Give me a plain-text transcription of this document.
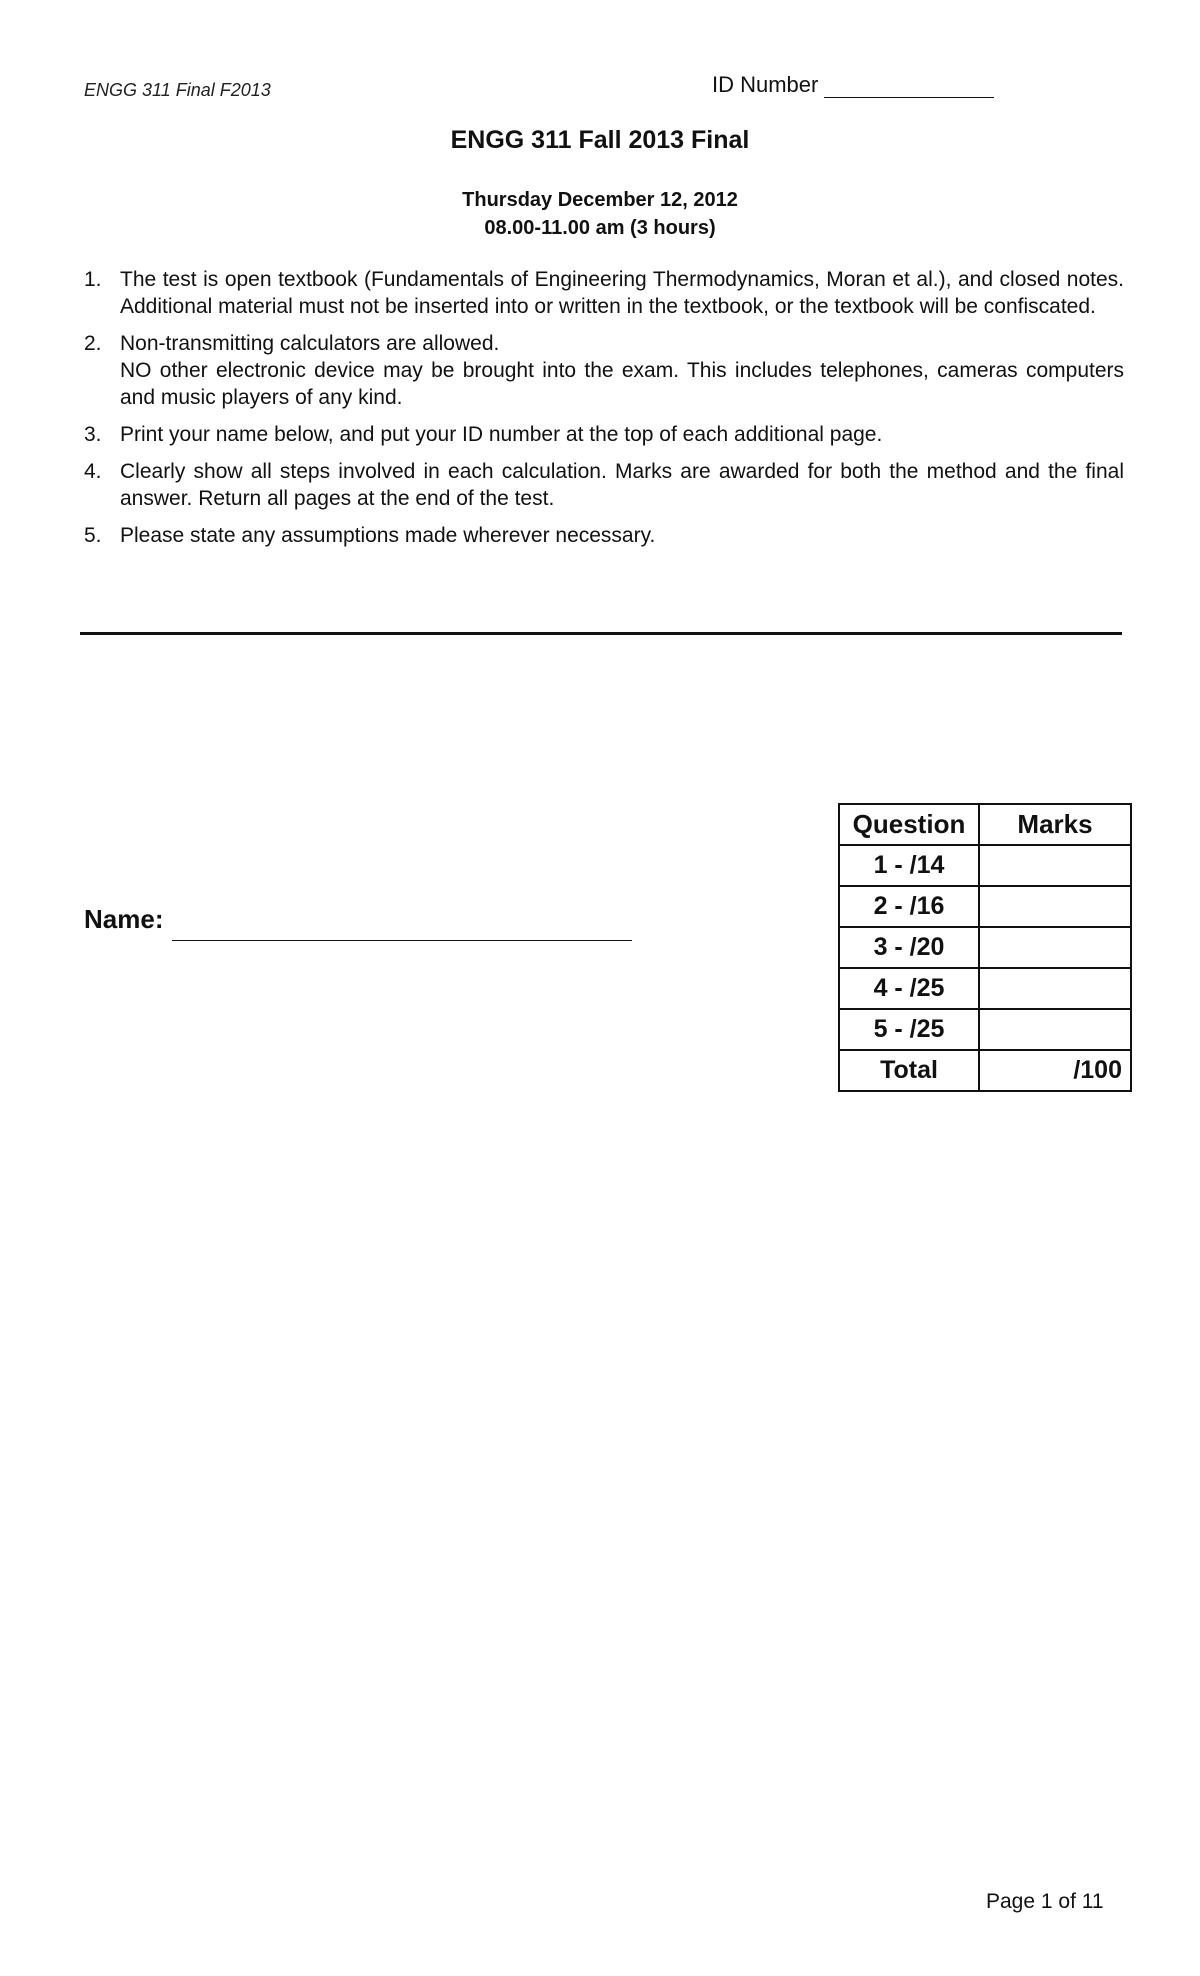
ENGG 311 Final F2013	ID Number
ENGG 311 Fall 2013 Final
Thursday December 12, 2012
08.00-11.00 am (3 hours)
1. The test is open textbook (Fundamentals of Engineering Thermodynamics, Moran et al.), and closed notes. Additional material must not be inserted into or written in the textbook, or the textbook will be confiscated.
2. Non-transmitting calculators are allowed.
NO other electronic device may be brought into the exam. This includes telephones, cameras computers and music players of any kind.
3. Print your name below, and put your ID number at the top of each additional page.
4. Clearly show all steps involved in each calculation. Marks are awarded for both the method and the final answer. Return all pages at the end of the test.
5. Please state any assumptions made wherever necessary.
Name:
Question	Marks
1 - /14	
2 - /16	
3 - /20	
4 - /25	
5 - /25	
Total	/100
Page 1 of 11
